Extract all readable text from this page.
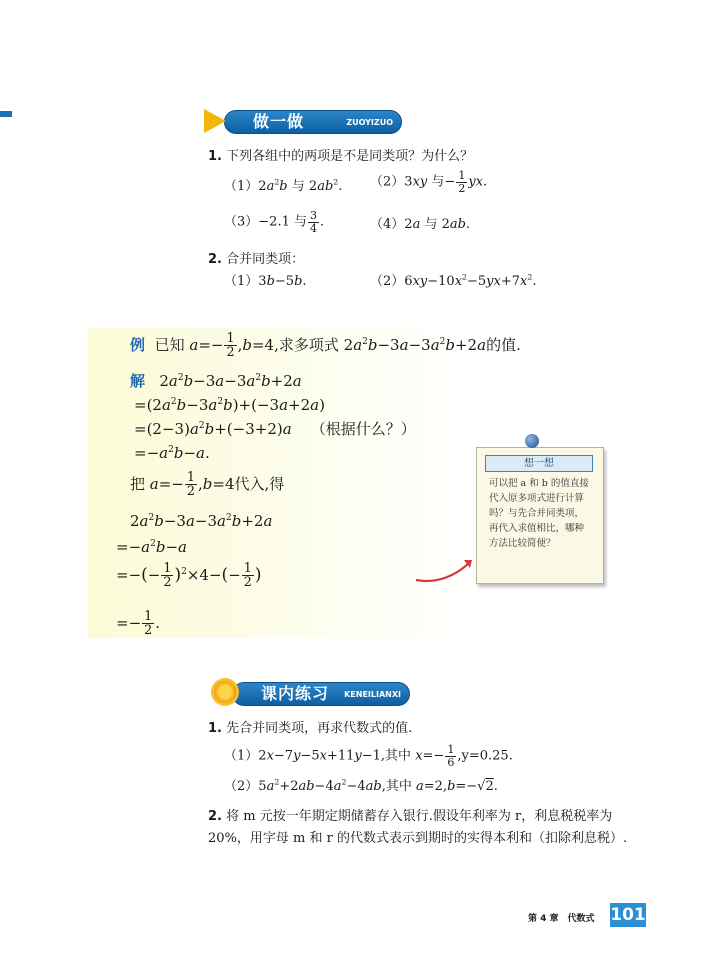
做一做	ZUOYIZUO
1. 下列各组中的两项是不是同类项？为什么？
$(1)2a^2b$ 与 $2ab^2$. （2）3xy 与− $\frac{1}{2}$ yx.
（3）−2.1 与 $\frac{3}{4}$ .	（4）2a 与 2ab.
2. 合并同类项：
（1）3b−5b.	$(2)6xy-10x^2-5yx+7x^2$.
例 已知 $a=- \frac{1}{2} ,b=4$,求多项式 $2a^2b-3a-3a^2b+2a$的值.
解   $2a^2b-3a-3a^2b+2a$
$=(2a^2b-3a^2b)+(-3a+2a)$
$=(2-3)a^2b+(-3+2)a$ （根据什么？）
$=-a^2b-a$.
把 $a=- \frac{1}{2} ,b=4$代入,得
$2a^2b-3a-3a^2b+2a$
$=-a^2b-a$
=−(− $\frac{1}{2} )^2\times 4-(- \frac{1}{2}$ )
=− $\frac{1}{2}$ .
想一想
可以把 a 和 b 的值直接代入原多项式进行计算吗？与先合并同类项，再代入求值相比，哪种方法比较简便？
课内练习 KENEILIANXI
1. 先合并同类项，再求代数式的值.
（1）2x−7y−5x+11y−1,其中 $x=- \frac{1}{6} ,y=0.25$.
$(2)5a^2+2ab-4a^2-4ab$,其中 a=2,b=−√2.
2. 将 m 元按一年期定期储蓄存入银行.假设年利率为 r，利息税税率为 20%，用字母 m 和 r 的代数式表示到期时的实得本利和（扣除利息税）.
第 4 章　代数式 101
